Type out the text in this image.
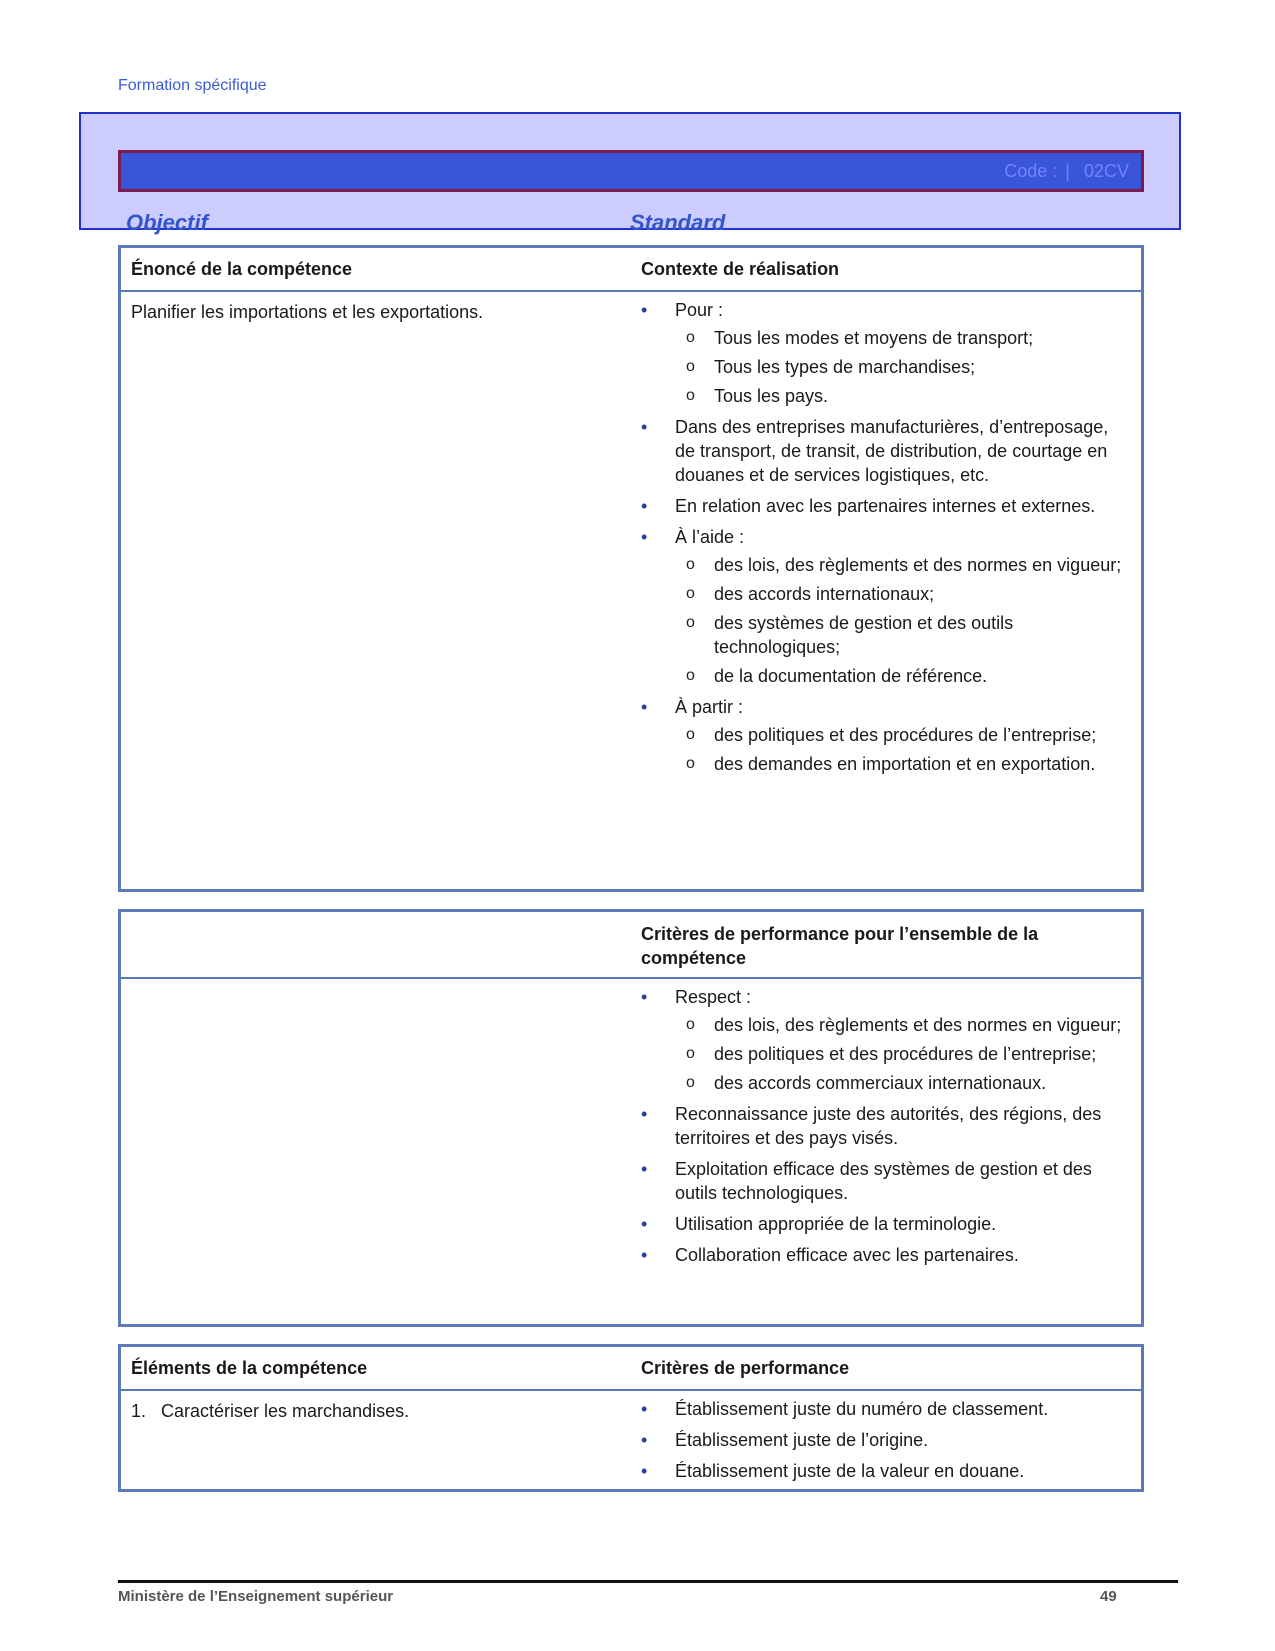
Formation spécifique
Code : | 02CV
Objectif	Standard
Énoncé de la compétence	Contexte de réalisation
Planifier les importations et les exportations.	• Pour :
o Tous les modes et moyens de transport;
o Tous les types de marchandises;
o Tous les pays.
• Dans des entreprises manufacturières, d’entreposage, de transport, de transit, de distribution, de courtage en douanes et de services logistiques, etc.
• En relation avec les partenaires internes et externes.
• À l’aide :
o des lois, des règlements et des normes en vigueur;
o des accords internationaux;
o des systèmes de gestion et des outils technologiques;
o de la documentation de référence.
• À partir :
o des politiques et des procédures de l’entreprise;
o des demandes en importation et en exportation.
Critères de performance pour l’ensemble de la compétence
• Respect :
o des lois, des règlements et des normes en vigueur;
o des politiques et des procédures de l’entreprise;
o des accords commerciaux internationaux.
• Reconnaissance juste des autorités, des régions, des territoires et des pays visés.
• Exploitation efficace des systèmes de gestion et des outils technologiques.
• Utilisation appropriée de la terminologie.
• Collaboration efficace avec les partenaires.
Éléments de la compétence	Critères de performance
1.   Caractériser les marchandises.	• Établissement juste du numéro de classement.
• Établissement juste de l’origine.
• Établissement juste de la valeur en douane.
Ministère de l’Enseignement supérieur	49
